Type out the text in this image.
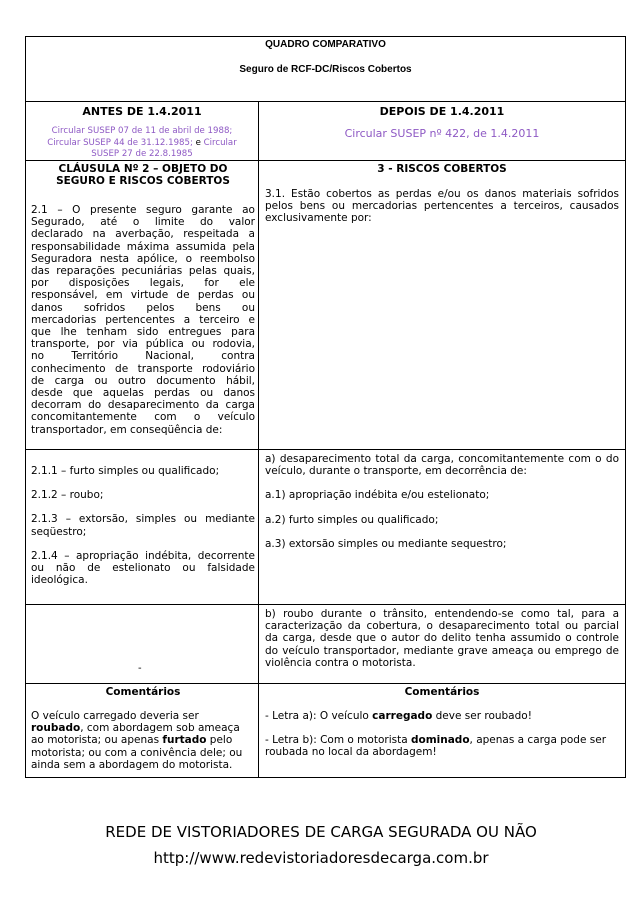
QUADRO COMPARATIVO
Seguro de RCF-DC/Riscos Cobertos
ANTES DE 1.4.2011
Circular SUSEP 07 de 11 de abril de 1988;
Circular SUSEP 44 de 31.12.1985; e Circular
SUSEP 27 de 22.8.1985
DEPOIS DE 1.4.2011
Circular SUSEP nº 422, de 1.4.2011
CLÁUSULA Nº 2 – OBJETO DO SEGURO E RISCOS COBERTOS
2.1 – O presente seguro garante ao
Segurado, até o limite do valor
declarado na averbação, respeitada a
responsabilidade máxima assumida pela
Seguradora nesta apólice, o reembolso
das reparações pecuniárias pelas quais,
por disposições legais, for ele
responsável, em virtude de perdas ou
danos sofridos pelos bens ou
mercadorias pertencentes a terceiro e
que lhe tenham sido entregues para
transporte, por via pública ou rodovia,
no Território Nacional, contra
conhecimento de transporte rodoviário
de carga ou outro documento hábil,
desde que aquelas perdas ou danos
decorram do desaparecimento da carga
concomitantemente com o veículo
transportador, em conseqüência de:
3 - RISCOS COBERTOS
3.1. Estão cobertos as perdas e/ou os danos materiais sofridos
pelos bens ou mercadorias pertencentes a terceiros, causados
exclusivamente por:
2.1.1 – furto simples ou qualificado;
2.1.2 – roubo;
2.1.3 – extorsão, simples ou mediante
seqüestro;
2.1.4 – apropriação indébita, decorrente
ou não de estelionato ou falsidade
ideológica.
a) desaparecimento total da carga, concomitantemente com o do
veículo, durante o transporte, em decorrência de:
a.1) apropriação indébita e/ou estelionato;
a.2) furto simples ou qualificado;
a.3) extorsão simples ou mediante sequestro;
-
b) roubo durante o trânsito, entendendo-se como tal, para a
caracterização da cobertura, o desaparecimento total ou parcial
da carga, desde que o autor do delito tenha assumido o controle
do veículo transportador, mediante grave ameaça ou emprego de
violência contra o motorista.
Comentários
O veículo carregado deveria ser
roubado, com abordagem sob ameaça
ao motorista; ou apenas furtado pelo
motorista; ou com a conivência dele; ou
ainda sem a abordagem do motorista.
Comentários
- Letra a): O veículo carregado deve ser roubado!
- Letra b): Com o motorista dominado, apenas a carga pode ser
roubada no local da abordagem!
REDE DE VISTORIADORES DE CARGA SEGURADA OU NÃO
http://www.redevistoriadoresdecarga.com.br
